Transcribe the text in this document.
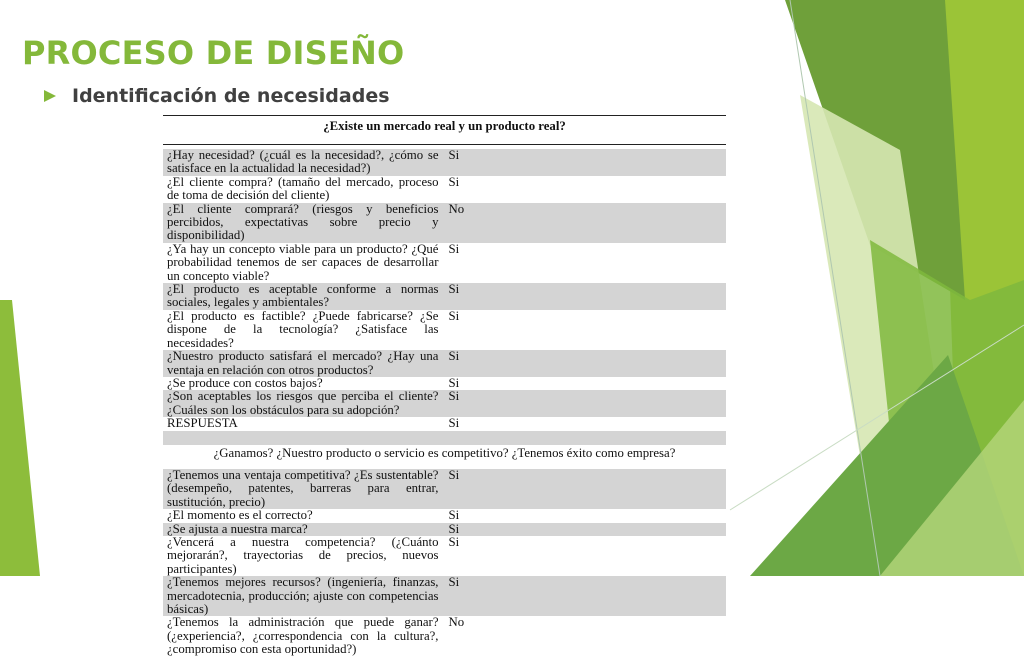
PROCESO DE DISEÑO
Identificación de necesidades
¿Existe un mercado real y un producto real?

¿Hay necesidad? (¿cuál es la necesidad?, ¿cómo se satisface en la actualidad la necesidad?)	Si
¿El cliente compra? (tamaño del mercado, proceso de toma de decisión del cliente)	Si
¿El cliente comprará? (riesgos y beneficios percibidos, expectativas sobre precio y disponibilidad)	No
¿Ya hay un concepto viable para un producto? ¿Qué probabilidad tenemos de ser capaces de desarrollar un concepto viable?	Si
¿El producto es aceptable conforme a normas sociales, legales y ambientales?	Si
¿El producto es factible? ¿Puede fabricarse? ¿Se dispone de la tecnología? ¿Satisface las necesidades?	Si
¿Nuestro producto satisfará el mercado? ¿Hay una ventaja en relación con otros productos?	Si
¿Se produce con costos bajos?	Si
¿Son aceptables los riesgos que perciba el cliente? ¿Cuáles son los obstáculos para su adopción?	Si
RESPUESTA	Si

¿Ganamos? ¿Nuestro producto o servicio es competitivo? ¿Tenemos éxito como empresa?	
¿Tenemos una ventaja competitiva? ¿Es sustentable? (desempeño, patentes, barreras para entrar, sustitución, precio)	Si
¿El momento es el correcto?	Si
¿Se ajusta a nuestra marca?	Si
¿Vencerá a nuestra competencia? (¿Cuánto mejorarán?, trayectorias de precios, nuevos participantes)	Si
¿Tenemos mejores recursos? (ingeniería, finanzas, mercadotecnia, producción; ajuste con competencias básicas)	Si
¿Tenemos la administración que puede ganar? (¿experiencia?, ¿correspondencia con la cultura?, ¿compromiso con esta oportunidad?)	No
